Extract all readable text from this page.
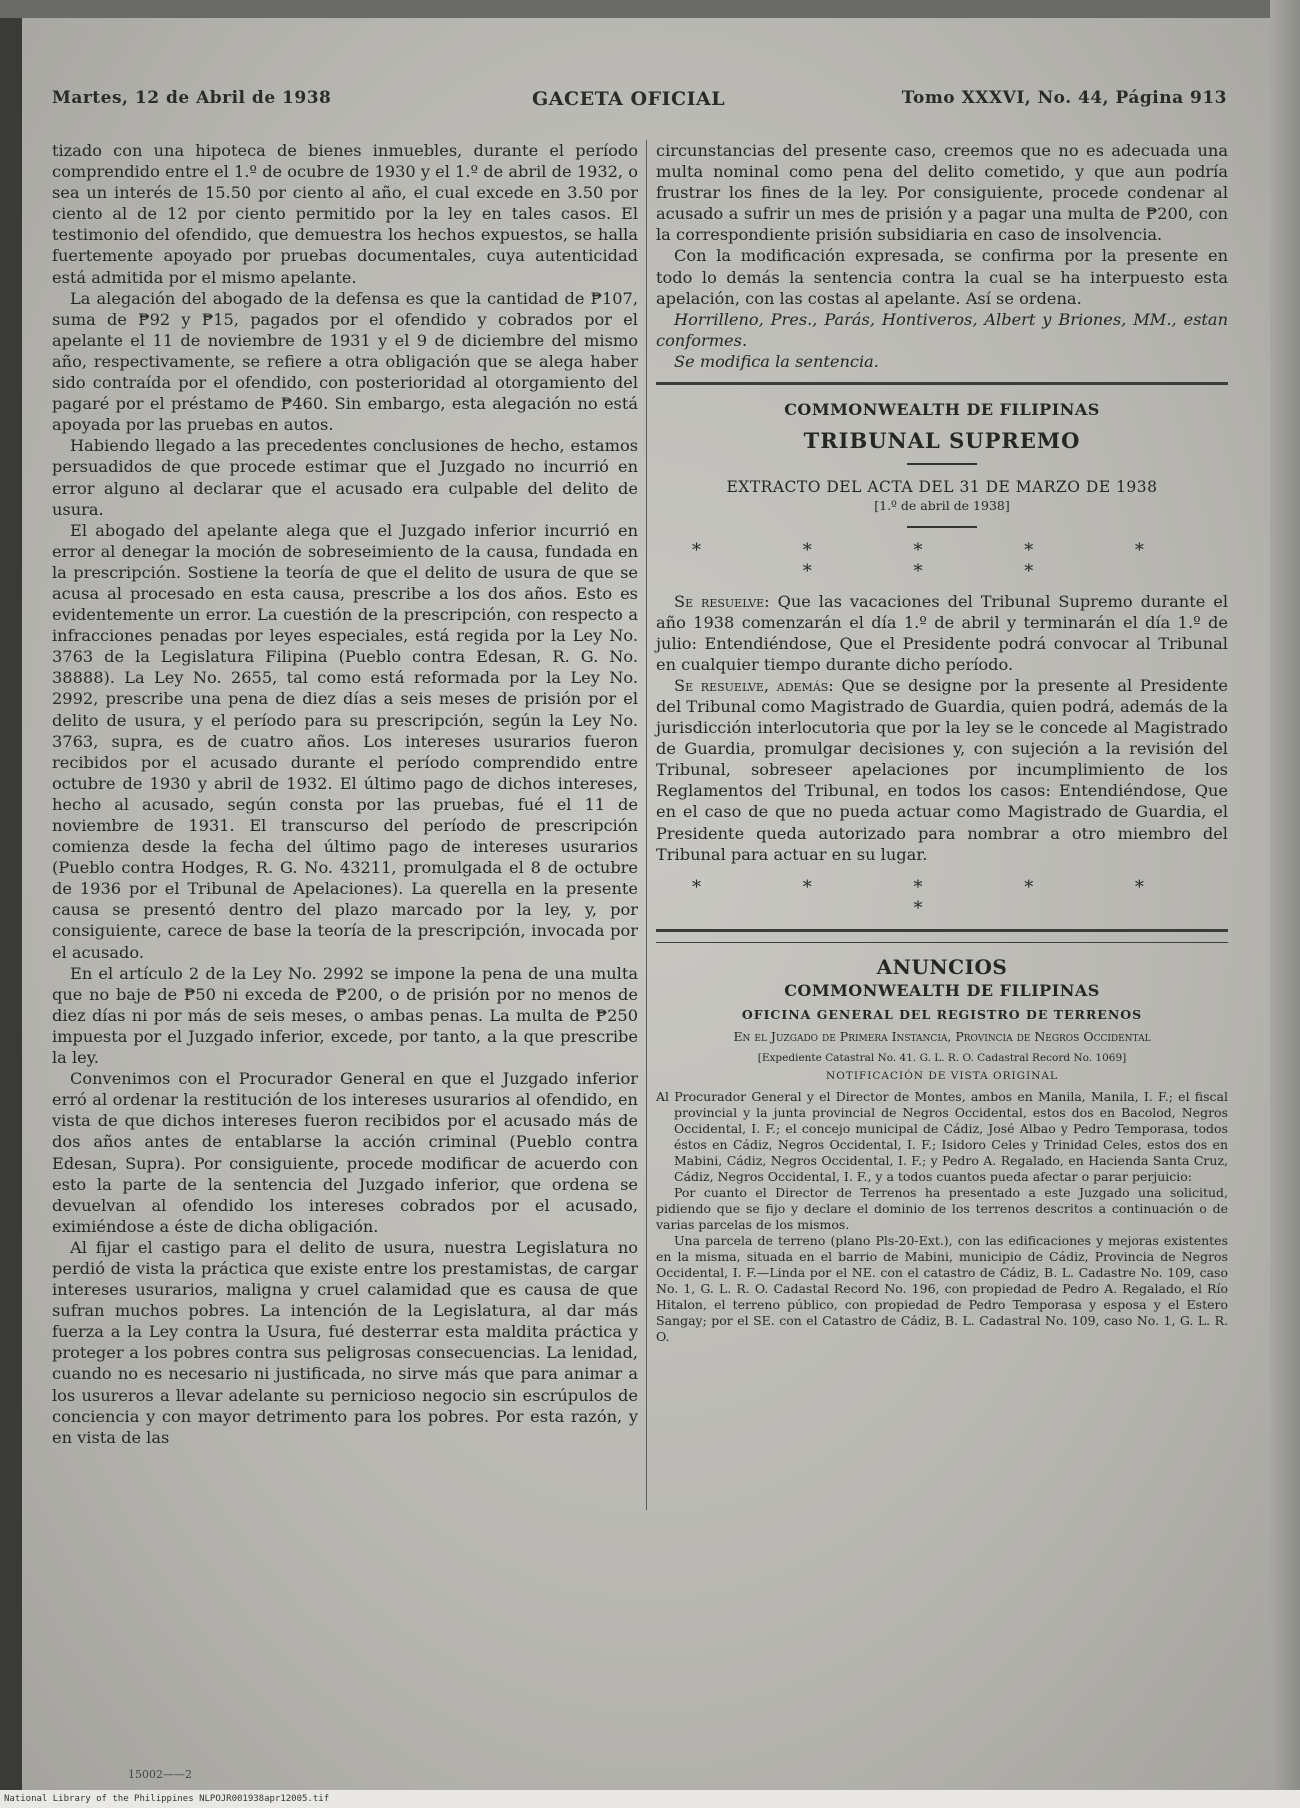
Martes, 12 de Abril de 1938	GACETA OFICIAL	Tomo XXXVI, No. 44, Página 913

tizado con una hipoteca de bienes inmuebles, durante el período comprendido entre el 1.º de ocubre de 1930 y el 1.º de abril de 1932, o sea un interés de 15.50 por ciento al año, el cual excede en 3.50 por ciento al de 12 por ciento permitido por la ley en tales casos. El testimonio del ofendido, que demuestra los hechos expuestos, se halla fuertemente apoyado por pruebas documentales, cuya autenticidad está admitida por el mismo apelante.

La alegación del abogado de la defensa es que la cantidad de ₱107, suma de ₱92 y ₱15, pagados por el ofendido y cobrados por el apelante el 11 de noviembre de 1931 y el 9 de diciembre del mismo año, respectivamente, se refiere a otra obligación que se alega haber sido contraída por el ofendido, con posterioridad al otorgamiento del pagaré por el préstamo de ₱460. Sin embargo, esta alegación no está apoyada por las pruebas en autos.

Habiendo llegado a las precedentes conclusiones de hecho, estamos persuadidos de que procede estimar que el Juzgado no incurrió en error alguno al declarar que el acusado era culpable del delito de usura.

El abogado del apelante alega que el Juzgado inferior incurrió en error al denegar la moción de sobreseimiento de la causa, fundada en la prescripción. Sostiene la teoría de que el delito de usura de que se acusa al procesado en esta causa, prescribe a los dos años. Esto es evidentemente un error. La cuestión de la prescripción, con respecto a infracciones penadas por leyes especiales, está regida por la Ley No. 3763 de la Legislatura Filipina (Pueblo contra Edesan, R. G. No. 38888). La Ley No. 2655, tal como está reformada por la Ley No. 2992, prescribe una pena de diez días a seis meses de prisión por el delito de usura, y el período para su prescripción, según la Ley No. 3763, supra, es de cuatro años. Los intereses usurarios fueron recibidos por el acusado durante el período comprendido entre octubre de 1930 y abril de 1932. El último pago de dichos intereses, hecho al acusado, según consta por las pruebas, fué el 11 de noviembre de 1931. El transcurso del período de prescripción comienza desde la fecha del último pago de intereses usurarios (Pueblo contra Hodges, R. G. No. 43211, promulgada el 8 de octubre de 1936 por el Tribunal de Apelaciones). La querella en la presente causa se presentó dentro del plazo marcado por la ley, y, por consiguiente, carece de base la teoría de la prescripción, invocada por el acusado.

En el artículo 2 de la Ley No. 2992 se impone la pena de una multa que no baje de ₱50 ni exceda de ₱200, o de prisión por no menos de diez días ni por más de seis meses, o ambas penas. La multa de ₱250 impuesta por el Juzgado inferior, excede, por tanto, a la que prescribe la ley.

Convenimos con el Procurador General en que el Juzgado inferior erró al ordenar la restitución de los intereses usurarios al ofendido, en vista de que dichos intereses fueron recibidos por el acusado más de dos años antes de entablarse la acción criminal (Pueblo contra Edesan, Supra). Por consiguiente, procede modificar de acuerdo con esto la parte de la sentencia del Juzgado inferior, que ordena se devuelvan al ofendido los intereses cobrados por el acusado, eximiéndose a éste de dicha obligación.

Al fijar el castigo para el delito de usura, nuestra Legislatura no perdió de vista la práctica que existe entre los prestamistas, de cargar intereses usurarios, maligna y cruel calamidad que es causa de que sufran muchos pobres. La intención de la Legislatura, al dar más fuerza a la Ley contra la Usura, fué desterrar esta maldita práctica y proteger a los pobres contra sus peligrosas consecuencias. La lenidad, cuando no es necesario ni justificada, no sirve más que para animar a los usureros a llevar adelante su pernicioso negocio sin escrúpulos de conciencia y con mayor detrimento para los pobres. Por esta razón, y en vista de las

circunstancias del presente caso, creemos que no es adecuada una multa nominal como pena del delito cometido, y que aun podría frustrar los fines de la ley. Por consiguiente, procede condenar al acusado a sufrir un mes de prisión y a pagar una multa de ₱200, con la correspondiente prisión subsidiaria en caso de insolvencia.

Con la modificación expresada, se confirma por la presente en todo lo demás la sentencia contra la cual se ha interpuesto esta apelación, con las costas al apelante. Así se ordena.

Horrilleno, Pres., Parás, Hontiveros, Albert y Briones, MM., estan conformes.

Se modifica la sentencia.

COMMONWEALTH DE FILIPINAS

TRIBUNAL SUPREMO

EXTRACTO DEL ACTA DEL 31 DE MARZO DE 1938

[1.º de abril de 1938]

* * * * * * * *

Se resuelve: Que las vacaciones del Tribunal Supremo durante el año 1938 comenzarán el día 1.º de abril y terminarán el día 1.º de julio: Entendiéndose, Que el Presidente podrá convocar al Tribunal en cualquier tiempo durante dicho período.

Se resuelve, además: Que se designe por la presente al Presidente del Tribunal como Magistrado de Guardia, quien podrá, además de la jurisdicción interlocutoria que por la ley se le concede al Magistrado de Guardia, promulgar decisiones y, con sujeción a la revisión del Tribunal, sobreseer apelaciones por incumplimiento de los Reglamentos del Tribunal, en todos los casos: Entendiéndose, Que en el caso de que no pueda actuar como Magistrado de Guardia, el Presidente queda autorizado para nombrar a otro miembro del Tribunal para actuar en su lugar.

* * * * * *

ANUNCIOS

COMMONWEALTH DE FILIPINAS

OFICINA GENERAL DEL REGISTRO DE TERRENOS

En el Juzgado de Primera Instancia, Provincia de Negros Occidental

[Expediente Catastral No. 41. G. L. R. O. Cadastral Record No. 1069]

NOTIFICACIÓN DE VISTA ORIGINAL

Al Procurador General y el Director de Montes, ambos en Manila, Manila, I. F.; el fiscal provincial y la junta provincial de Negros Occidental, estos dos en Bacolod, Negros Occidental, I. F.; el concejo municipal de Cádiz, José Albao y Pedro Temporasa, todos éstos en Cádiz, Negros Occidental, I. F.; Isidoro Celes y Trinidad Celes, estos dos en Mabini, Cádiz, Negros Occidental, I. F.; y Pedro A. Regalado, en Hacienda Santa Cruz, Cádiz, Negros Occidental, I. F., y a todos cuantos pueda afectar o parar perjuicio:

Por cuanto el Director de Terrenos ha presentado a este Juzgado una solicitud, pidiendo que se fijo y declare el dominio de los terrenos descritos a continuación o de varias parcelas de los mismos.

Una parcela de terreno (plano Pls-20-Ext.), con las edificaciones y mejoras existentes en la misma, situada en el barrio de Mabini, municipio de Cádiz, Provincia de Negros Occidental, I. F.—Linda por el NE. con el catastro de Cádiz, B. L. Cadastre No. 109, caso No. 1, G. L. R. O. Cadastal Record No. 196, con propiedad de Pedro A. Regalado, el Río Hitalon, el terreno público, con propiedad de Pedro Temporasa y esposa y el Estero Sangay; por el SE. con el Catastro de Cádiz, B. L. Cadastral No. 109, caso No. 1, G. L. R. O.

15002——2
National Library of the Philippines NLPOJR001938apr12005.tif
